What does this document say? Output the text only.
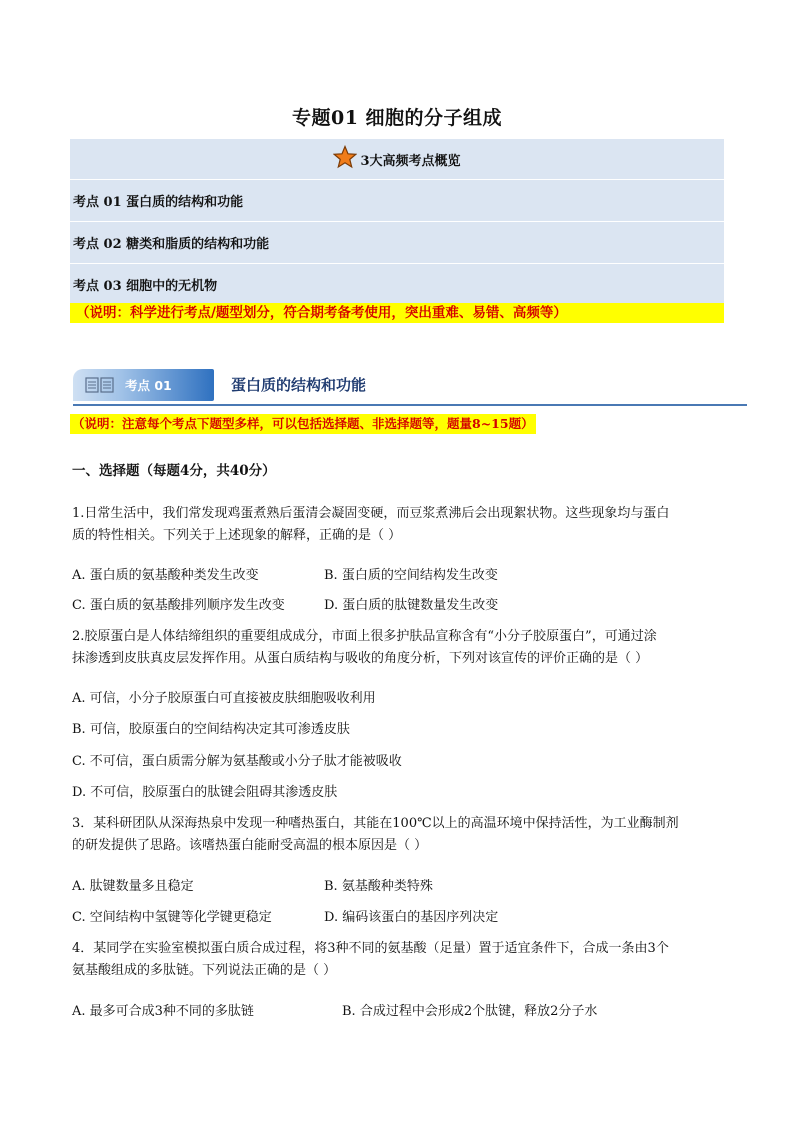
专题01 细胞的分子组成
3大高频考点概览
考点 01 蛋白质的结构和功能
考点 02 糖类和脂质的结构和功能
考点 03 细胞中的无机物
（说明：科学进行考点/题型划分，符合期考备考使用，突出重难、易错、高频等）
考点 01	蛋白质的结构和功能
（说明：注意每个考点下题型多样，可以包括选择题、非选择题等，题量8~15题）
一、选择题（每题4分，共40分）
1.日常生活中，我们常发现鸡蛋煮熟后蛋清会凝固变硬，而豆浆煮沸后会出现絮状物。这些现象均与蛋白
质的特性相关。下列关于上述现象的解释，正确的是（ ）
A. 蛋白质的氨基酸种类发生改变	B. 蛋白质的空间结构发生改变
C. 蛋白质的氨基酸排列顺序发生改变	D. 蛋白质的肽键数量发生改变
2.胶原蛋白是人体结缔组织的重要组成成分，市面上很多护肤品宣称含有“小分子胶原蛋白”，可通过涂
抹渗透到皮肤真皮层发挥作用。从蛋白质结构与吸收的角度分析，下列对该宣传的评价正确的是（ ）
A. 可信，小分子胶原蛋白可直接被皮肤细胞吸收利用
B. 可信，胶原蛋白的空间结构决定其可渗透皮肤
C. 不可信，蛋白质需分解为氨基酸或小分子肽才能被吸收
D. 不可信，胶原蛋白的肽键会阻碍其渗透皮肤
3．某科研团队从深海热泉中发现一种嗜热蛋白，其能在100℃以上的高温环境中保持活性，为工业酶制剂
的研发提供了思路。该嗜热蛋白能耐受高温的根本原因是（ ）
A. 肽键数量多且稳定	B. 氨基酸种类特殊
C. 空间结构中氢键等化学键更稳定	D. 编码该蛋白的基因序列决定
4．某同学在实验室模拟蛋白质合成过程，将3种不同的氨基酸（足量）置于适宜条件下，合成一条由3个
氨基酸组成的多肽链。下列说法正确的是（ ）
A. 最多可合成3种不同的多肽链	B. 合成过程中会形成2个肽键，释放2分子水
